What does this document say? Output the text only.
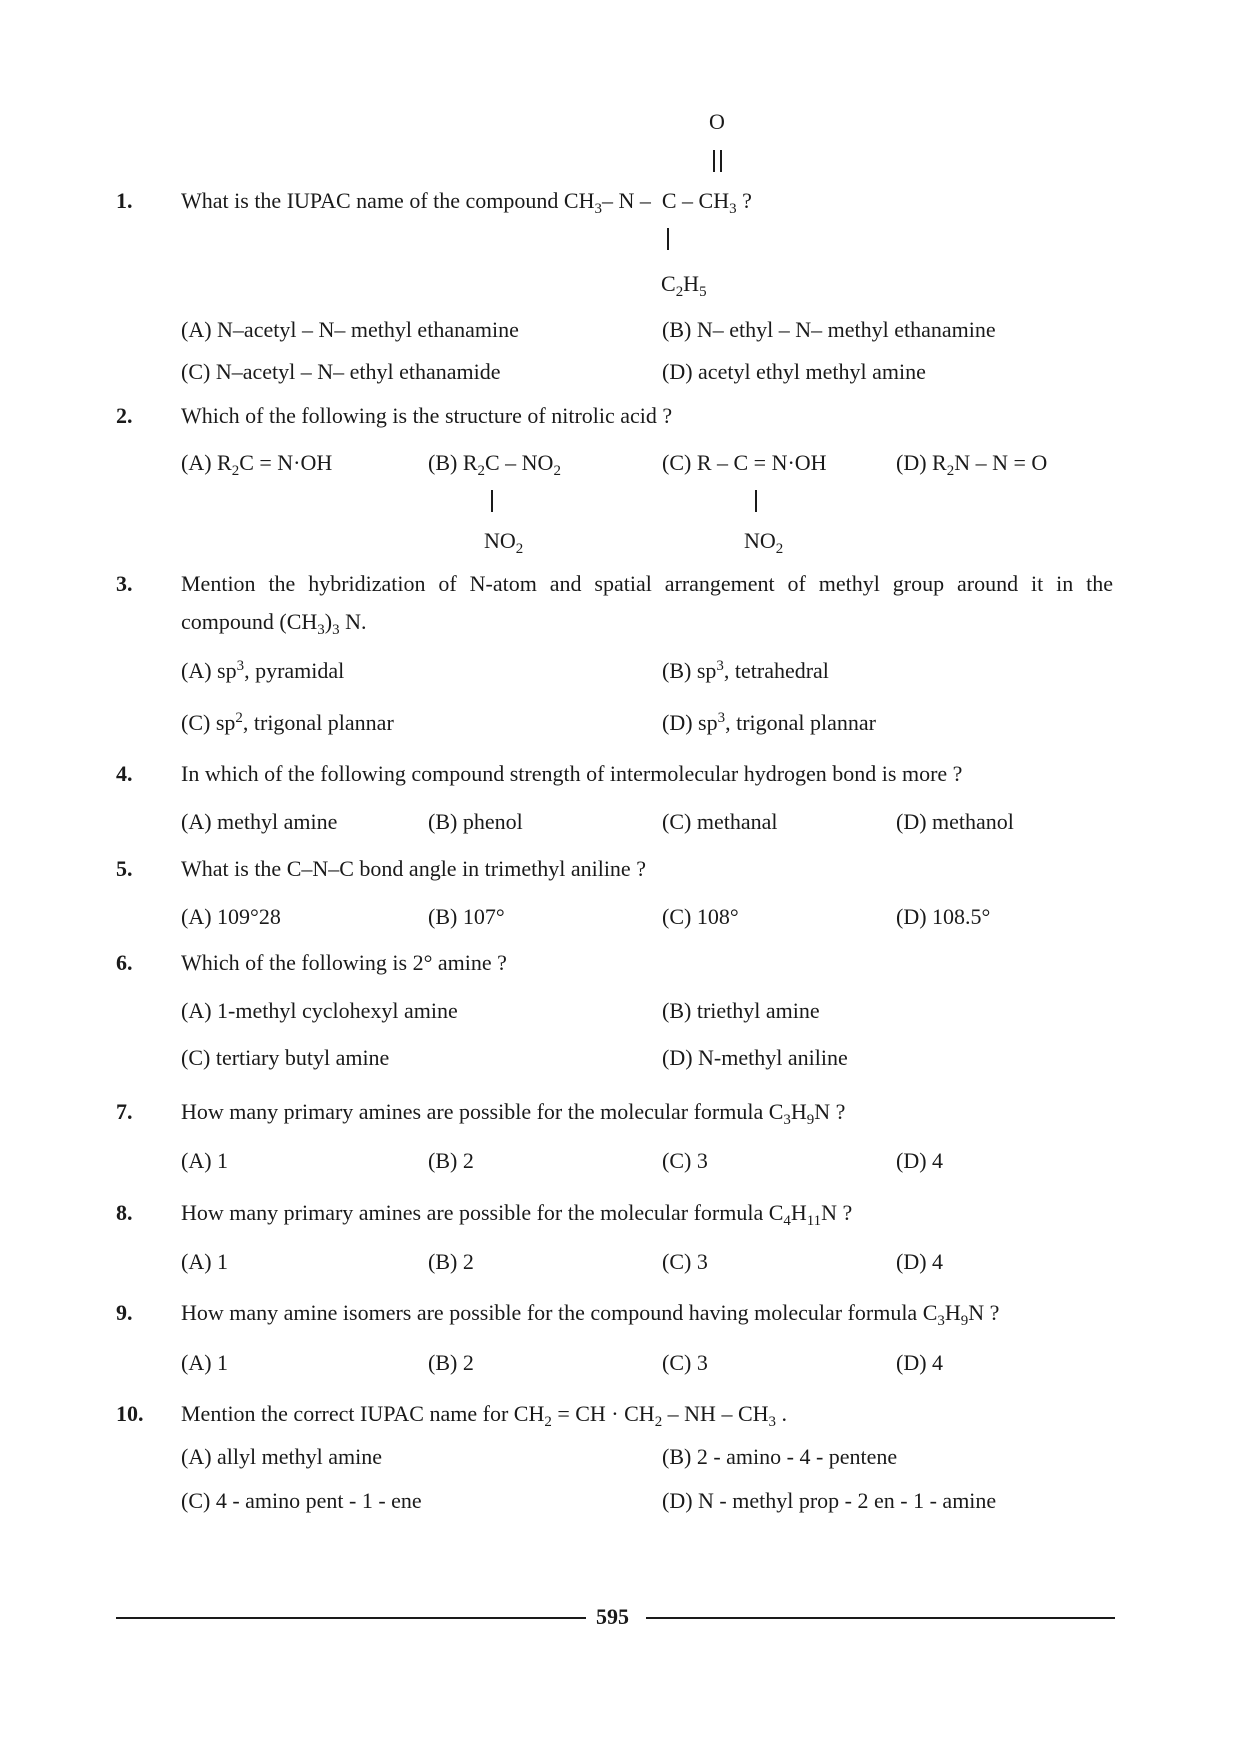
O
1. What is the IUPAC name of the compound $CH_3-$ N – C – $CH_3$ ?
$C_2H_5$
(A) N–acetyl – N– methyl ethanamine	(B) N– ethyl – N– methyl ethanamine
(C) N–acetyl – N– ethyl ethanamide	(D) acetyl ethyl methyl amine
2. Which of the following is the structure of nitrolic acid ?
(A) $R_2C = N\cdot OH$	(B) $R_2C - NO_2$
$NO_2$
(C) R – C = N·OH
$NO_2$
(D) $R_2N - N = O$
3. Mention the hybridization of N-atom and spatial arrangement of methyl group around it in the
compound $(CH_3)_3$ N.
(A) $sp^3$, pyramidal	(B) $sp^3$, tetrahedral
(C) $sp^2$, trigonal plannar	(D) $sp^3$, trigonal plannar
4. In which of the following compound strength of intermolecular hydrogen bond is more ?
(A) methyl amine	(B) phenol	(C) methanal	(D) methanol
5. What is the C–N–C bond angle in trimethyl aniline ?
(A) 109°28	(B) 107°	(C) 108°	(D) 108.5°
6. Which of the following is 2° amine ?
(A) 1-methyl cyclohexyl amine	(B) triethyl amine
(C) tertiary butyl amine	(D) N-methyl aniline
7. How many primary amines are possible for the molecular formula $C_3H_9N$ ?
(A) 1	(B) 2	(C) 3	(D) 4
8. How many primary amines are possible for the molecular formula $C_4H_{11}N$ ?
(A) 1	(B) 2	(C) 3	(D) 4
9. How many amine isomers are possible for the compound having molecular formula $C_3H_9N$ ?
(A) 1	(B) 2	(C) 3	(D) 4
10. Mention the correct IUPAC name for $CH_2$ = CH · $CH_2$ – NH – $CH_3$ .
(A) allyl methyl amine	(B) 2 - amino - 4 - pentene
(C) 4 - amino pent - 1 - ene	(D) N - methyl prop - 2 en - 1 - amine
595
